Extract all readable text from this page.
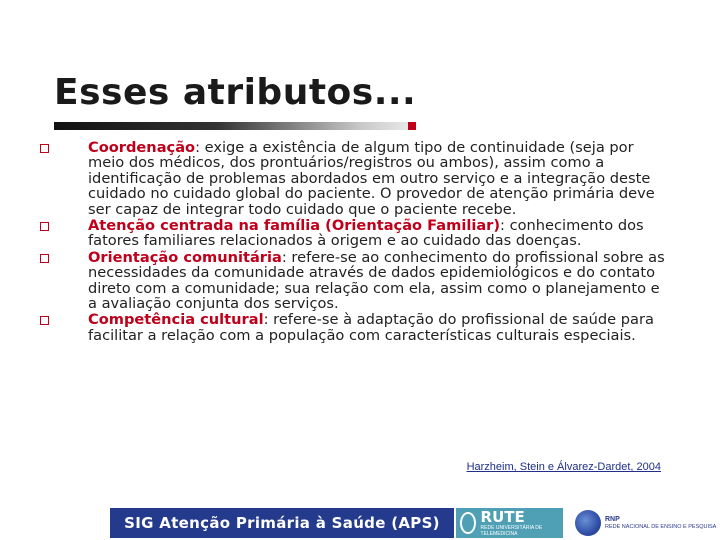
Esses atributos...
Coordenação: exige a existência de algum tipo de continuidade (seja por meio dos médicos, dos prontuários/registros ou ambos), assim como a identificação de problemas abordados em outro serviço e a integração deste cuidado no cuidado global do paciente. O provedor de atenção primária deve ser capaz de integrar todo cuidado que o paciente recebe.
Atenção centrada na família (Orientação Familiar): conhecimento dos fatores familiares relacionados à origem e ao cuidado das doenças.
Orientação comunitária: refere-se ao conhecimento do profissional sobre as necessidades da comunidade através de dados epidemiológicos e do contato direto com a comunidade; sua relação com ela, assim como o planejamento e a avaliação conjunta dos serviços.
Competência cultural: refere-se à adaptação do profissional de saúde para facilitar a relação com a população com características culturais especiais.
Harzheim, Stein e Álvarez-Dardet, 2004
SIG Atenção Primária à Saúde (APS)	RUTE
REDE UNIVERSITÁRIA DE TELEMEDICINA
RNP
REDE NACIONAL DE ENSINO E PESQUISA
